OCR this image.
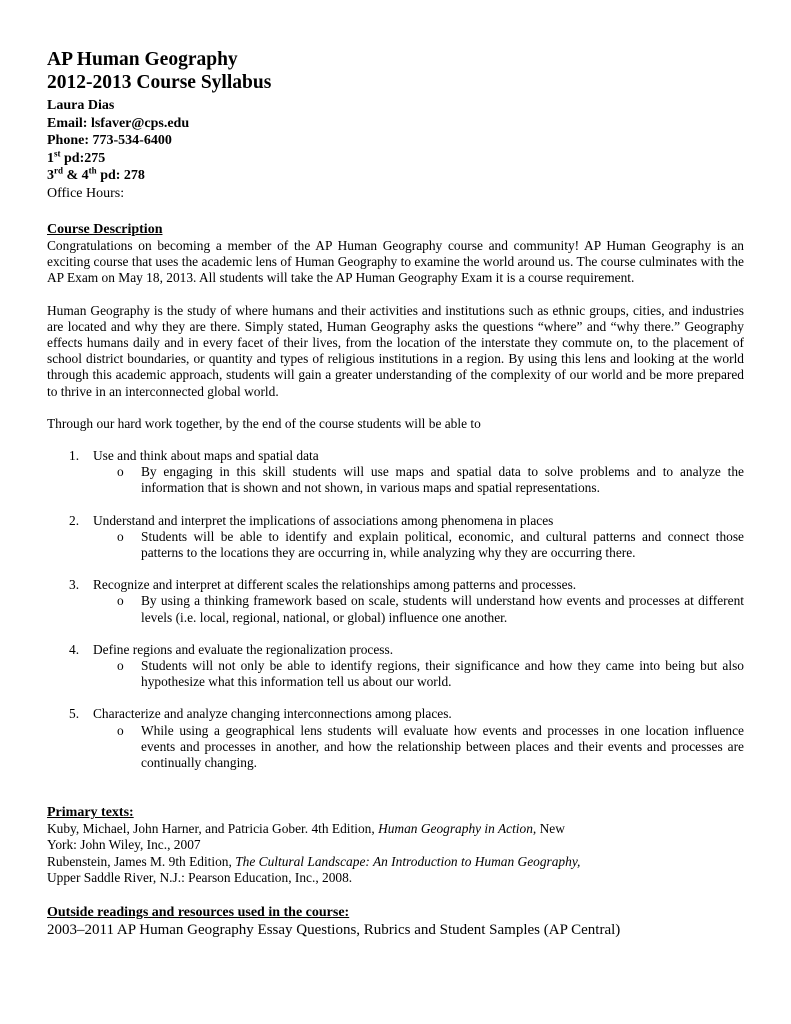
AP Human Geography
2012-2013 Course Syllabus
Laura Dias
Email: lsfaver@cps.edu
Phone: 773-534-6400
1st pd:275
3rd & 4th pd: 278
Office Hours:
Course Description

Congratulations on becoming a member of the AP Human Geography course and community! AP Human Geography is an exciting course that uses the academic lens of Human Geography to examine the world around us. The course culminates with the AP Exam on May 18, 2013. All students will take the AP Human Geography Exam it is a course requirement.

Human Geography is the study of where humans and their activities and institutions such as ethnic groups, cities, and industries are located and why they are there. Simply stated, Human Geography asks the questions “where” and “why there.” Geography effects humans daily and in every facet of their lives, from the location of the interstate they commute on, to the placement of school district boundaries, or quantity and types of religious institutions in a region. By using this lens and looking at the world through this academic approach, students will gain a greater understanding of the complexity of our world and be more prepared to thrive in an interconnected global world.

Through our hard work together, by the end of the course students will be able to

1. Use and think about maps and spatial data
o By engaging in this skill students will use maps and spatial data to solve problems and to analyze the information that is shown and not shown, in various maps and spatial representations.
2. Understand and interpret the implications of associations among phenomena in places
o Students will be able to identify and explain political, economic, and cultural patterns and connect those patterns to the locations they are occurring in, while analyzing why they are occurring there.
3. Recognize and interpret at different scales the relationships among patterns and processes.
o By using a thinking framework based on scale, students will understand how events and processes at different levels (i.e. local, regional, national, or global) influence one another.
4. Define regions and evaluate the regionalization process.
o Students will not only be able to identify regions, their significance and how they came into being but also hypothesize what this information tell us about our world.
5. Characterize and analyze changing interconnections among places.
o While using a geographical lens students will evaluate how events and processes in one location influence events and processes in another, and how the relationship between places and their events and processes are continually changing.
Primary texts:
Kuby, Michael, John Harner, and Patricia Gober. 4th Edition, Human Geography in Action, New
York: John Wiley, Inc., 2007
Rubenstein, James M. 9th Edition, The Cultural Landscape: An Introduction to Human Geography,
Upper Saddle River, N.J.: Pearson Education, Inc., 2008.
Outside readings and resources used in the course:
2003–2011 AP Human Geography Essay Questions, Rubrics and Student Samples (AP Central)
